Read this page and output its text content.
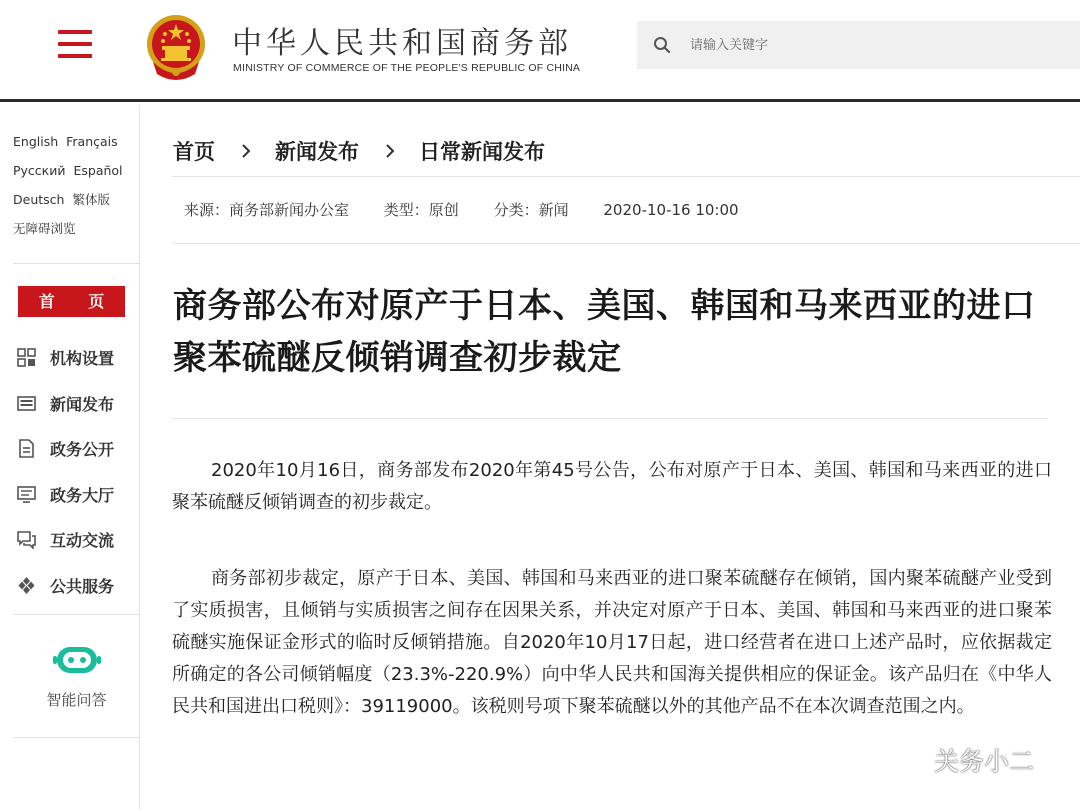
中华人民共和国商务部
MINISTRY OF COMMERCE OF THE PEOPLE'S REPUBLIC OF CHINA
请输入关键字
English Français
Русский Español
Deutsch 繁体版
无障碍浏览
首 页
机构设置
新闻发布
政务公开
政务大厅
互动交流
公共服务
智能问答
首页	新闻发布	日常新闻发布
来源：商务部新闻办公室 类型：原创 分类：新闻 2020-10-16 10:00
商务部公布对原产于日本、美国、韩国和马来西亚的进口聚苯硫醚反倾销调查初步裁定

2020年10月16日，商务部发布2020年第45号公告，公布对原产于日本、美国、韩国和马来西亚的进口聚苯硫醚反倾销调查的初步裁定。

商务部初步裁定，原产于日本、美国、韩国和马来西亚的进口聚苯硫醚存在倾销，国内聚苯硫醚产业受到了实质损害，且倾销与实质损害之间存在因果关系，并决定对原产于日本、美国、韩国和马来西亚的进口聚苯硫醚实施保证金形式的临时反倾销措施。自2020年10月17日起，进口经营者在进口上述产品时，应依据裁定所确定的各公司倾销幅度（23.3%-220.9%）向中华人民共和国海关提供相应的保证金。该产品归在《中华人民共和国进出口税则》：39119000。该税则号项下聚苯硫醚以外的其他产品不在本次调查范围之内。

关务小二
